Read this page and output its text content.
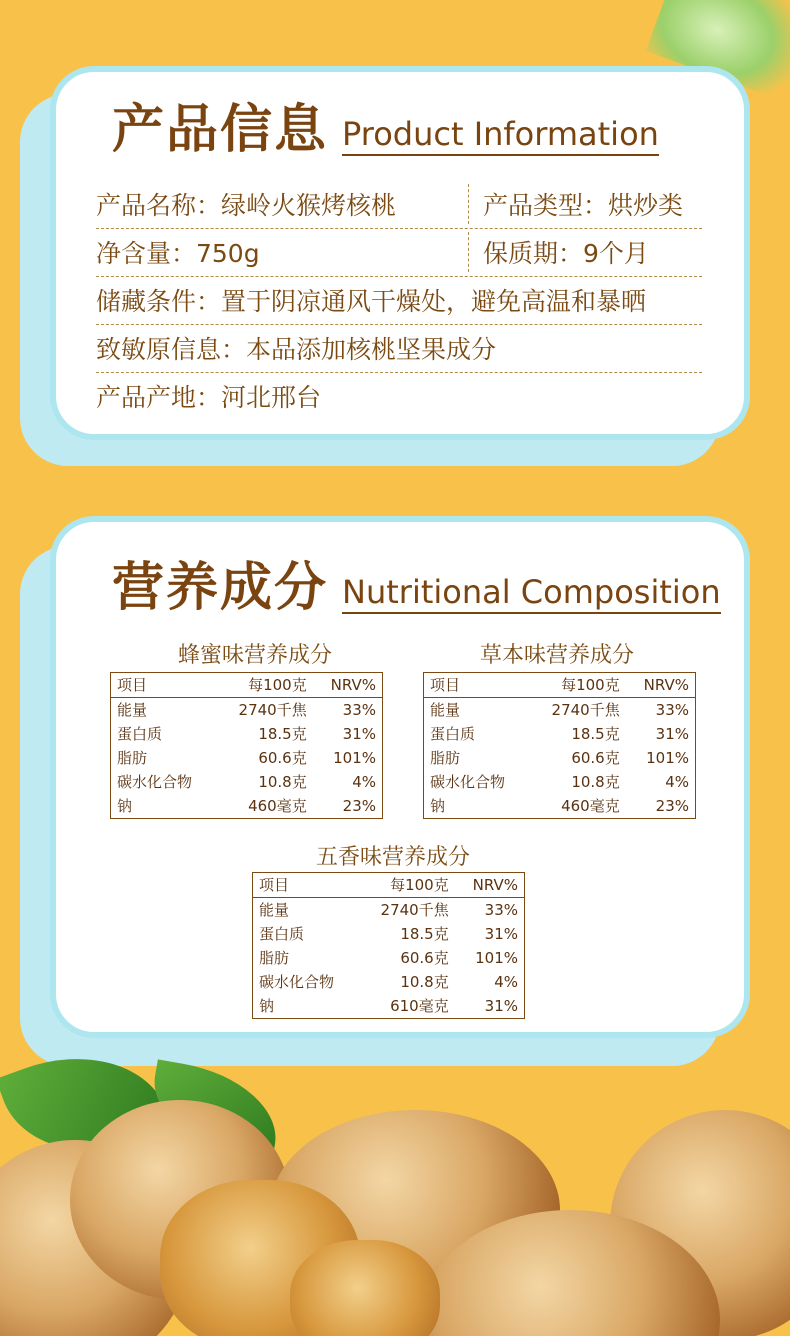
产品信息 Product Information
产品名称：绿岭火猴烤核桃	产品类型：烘炒类
净含量：750g	保质期：9个月
储藏条件：置于阴凉通风干燥处，避免高温和暴晒
致敏原信息：本品添加核桃坚果成分
产品产地：河北邢台
营养成分 Nutritional Composition
蜂蜜味营养成分
项目	每100克	NRV%
能量	2740千焦	33%
蛋白质	18.5克	31%
脂肪	60.6克	101%
碳水化合物	10.8克	4%
钠	460毫克	23%
草本味营养成分
项目	每100克	NRV%
能量	2740千焦	33%
蛋白质	18.5克	31%
脂肪	60.6克	101%
碳水化合物	10.8克	4%
钠	460毫克	23%
五香味营养成分
项目	每100克	NRV%
能量	2740千焦	33%
蛋白质	18.5克	31%
脂肪	60.6克	101%
碳水化合物	10.8克	4%
钠	610毫克	31%
